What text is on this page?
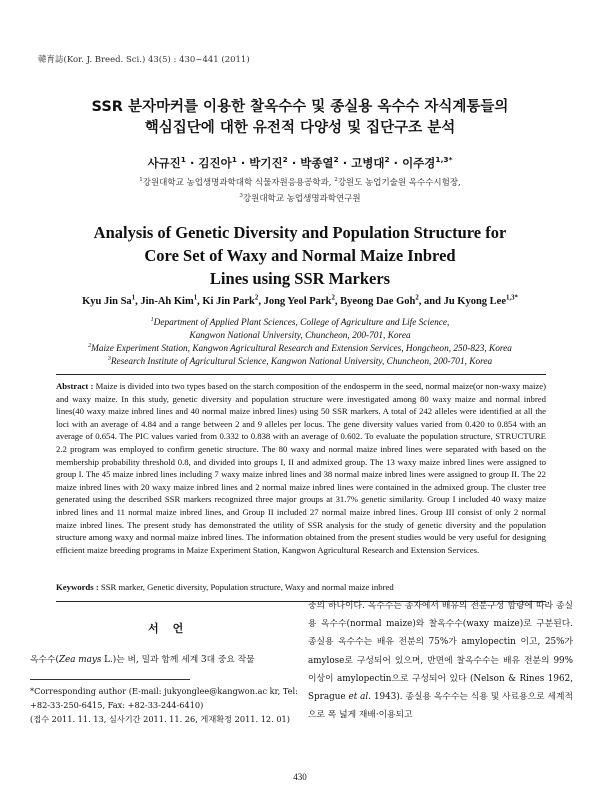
韓育誌(Kor. J. Breed. Sci.) 43(5) : 430~441 (2011)
SSR 분자마커를 이용한 찰옥수수 및 종실용 옥수수 자식계통들의
핵심집단에 대한 유전적 다양성 및 집단구조 분석
사규진$^1$ · 김진아$^1$ · 박기진$^2$ · 박종열$^2$ · 고병대$^2$ · 이주경$^{1,3*}$
$^1$강원대학교 농업생명과학대학 식물자원응용공학과, $^2$강원도 농업기술원 옥수수시험장,
$^3$강원대학교 농업생명과학연구원
Analysis of Genetic Diversity and Population Structure for
Core Set of Waxy and Normal Maize Inbred
Lines using SSR Markers
Kyu Jin Sa$^1$, Jin-Ah Kim$^1$, Ki Jin Park$^2$, Jong Yeol Park$^2$, Byeong Dae Goh$^2$, and Ju Kyong Lee$^{1,3*}$
$^1$Department of Applied Plant Sciences, College of Agriculture and Life Science,
Kangwon National University, Chuncheon, 200-701, Korea
$^2$Maize Experiment Station, Kangwon Agricultural Research and Extension Services, Hongcheon, 250-823, Korea
$^3$Research Institute of Agricultural Science, Kangwon National University, Chuncheon, 200-701, Korea
Abstract : Maize is divided into two types based on the starch composition of the endosperm in the seed, normal maize(or non-waxy maize) and waxy maize. In this study, genetic diversity and population structure were investigated among 80 waxy maize and normal inbred lines(40 waxy maize inbred lines and 40 normal maize inbred lines) using 50 SSR markers. A total of 242 alleles were identified at all the loci with an average of 4.84 and a range between 2 and 9 alleles per locus. The gene diversity values varied from 0.420 to 0.854 with an average of 0.654. The PIC values varied from 0.332 to 0.838 with an average of 0.602. To evaluate the population structure, STRUCTURE 2.2 program was employed to confirm genetic structure. The 80 waxy and normal maize inbred lines were separated with based on the membership probability threshold 0.8, and divided into groups I, II and admixed group. The 13 waxy maize inbred lines were assigned to group I. The 45 maize inbred lines including 7 waxy maize inbred lines and 38 normal maize inbred lines were assigned to group II. The 22 maize inbred lines with 20 waxy maize inbred lines and 2 normal maize inbred lines were contained in the admixed group. The cluster tree generated using the described SSR markers recognized three major groups at 31.7% genetic similarity. Group I included 40 waxy maize inbred lines and 11 normal maize inbred lines, and Group II included 27 normal maize inbred lines. Group III consist of only 2 normal maize inbred lines. The present study has demonstrated the utility of SSR analysis for the study of genetic diversity and the population structure among waxy and normal maize inbred lines. The information obtained from the present studies would be very useful for designing efficient maize breeding programs in Maize Experiment Station, Kangwon Agricultural Research and Extension Services.
Keywords : SSR marker, Genetic diversity, Population structure, Waxy and normal maize inbred
서언
옥수수(Zea mays L.)는 벼, 밀과 함께 세계 3대 중요 작물
*Corresponding author (E-mail: jukyonglee@kangwon.ac kr, Tel:
+82-33-250-6415, Fax: +82-33-244-6410)
(접수 2011. 11. 13, 심사기간 2011. 11. 26, 게재확정 2011. 12. 01)
중의 하나이다. 옥수수는 종자에서 배유의 전분구성 함량에 따라 종실용 옥수수(normal maize)와 찰옥수수(waxy maize)로 구분된다. 종실용 옥수수는 배유 전분의 75%가 amylopectin 이고, 25%가 amylose로 구성되어 있으며, 반면에 찰옥수수는 배유 전분의 99% 이상이 amylopectin으로 구성되어 있다 (Nelson & Rines 1962, Sprague et al. 1943). 종실용 옥수수는 식용 및 사료용으로 세계적으로 폭 넓게 재배·이용되고
430
